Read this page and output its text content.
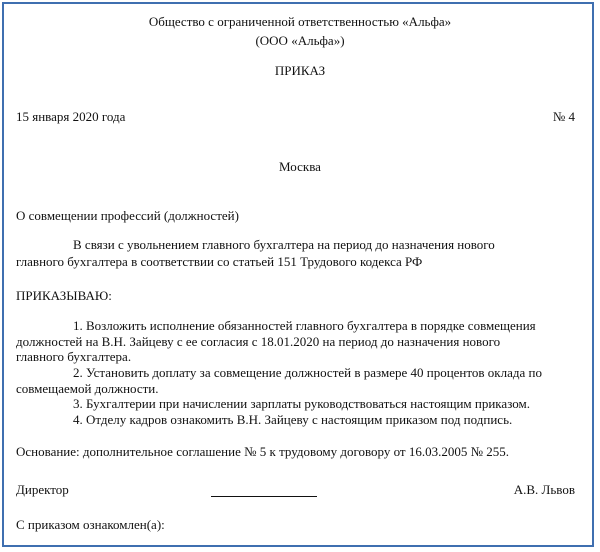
Общество с ограниченной ответственностью «Альфа»
(ООО «Альфа»)
ПРИКАЗ
15 января 2020 года	№ 4
Москва
О совмещении профессий (должностей)
В связи с увольнением главного бухгалтера на период до назначения нового
главного бухгалтера в соответствии со статьей 151 Трудового кодекса РФ
ПРИКАЗЫВАЮ:
1. Возложить исполнение обязанностей главного бухгалтера в порядке совмещения
должностей на В.Н. Зайцеву с ее согласия с 18.01.2020 на период до назначения нового
главного бухгалтера.
2. Установить доплату за совмещение должностей в размере 40 процентов оклада по
совмещаемой должности.
3. Бухгалтерии при начислении зарплаты руководствоваться настоящим приказом.
4. Отделу кадров ознакомить В.Н. Зайцеву с настоящим приказом под подпись.
Основание: дополнительное соглашение № 5 к трудовому договору от 16.03.2005 № 255.
Директор	А.В. Львов
С приказом ознакомлен(а):
